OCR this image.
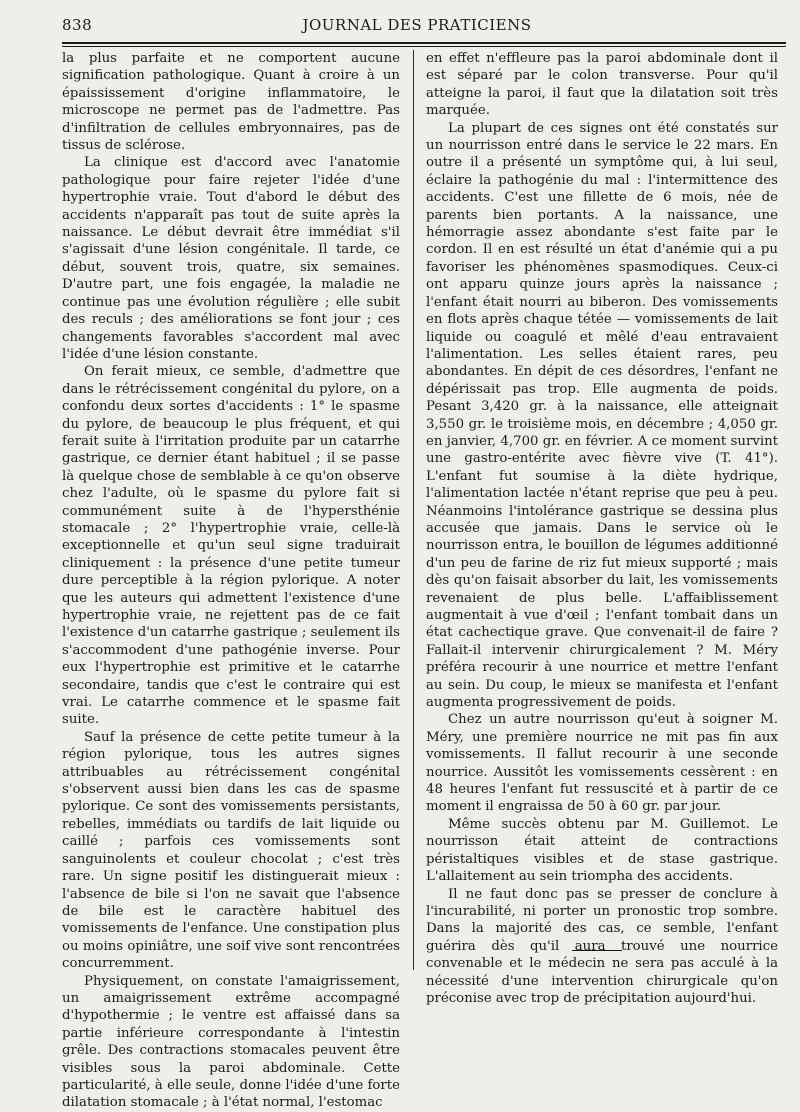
838	JOURNAL DES PRATICIENS

la plus parfaite et ne comportent aucune signification pathologique. Quant à croire à un épaississement d'origine inflammatoire, le microscope ne permet pas de l'admettre. Pas d'infiltration de cellules embryonnaires, pas de tissus de sclérose.

La clinique est d'accord avec l'anatomie pathologique pour faire rejeter l'idée d'une hypertrophie vraie. Tout d'abord le début des accidents n'apparaît pas tout de suite après la naissance. Le début devrait être immédiat s'il s'agissait d'une lésion congénitale. Il tarde, ce début, souvent trois, quatre, six semaines. D'autre part, une fois engagée, la maladie ne continue pas une évolution régulière ; elle subit des reculs ; des améliorations se font jour ; ces changements favorables s'accordent mal avec l'idée d'une lésion constante.

On ferait mieux, ce semble, d'admettre que dans le rétrécissement congénital du pylore, on a confondu deux sortes d'accidents : 1° le spasme du pylore, de beaucoup le plus fréquent, et qui ferait suite à l'irritation produite par un catarrhe gastrique, ce dernier étant habituel ; il se passe là quelque chose de semblable à ce qu'on observe chez l'adulte, où le spasme du pylore fait si communément suite à de l'hypersthénie stomacale ; 2° l'hypertrophie vraie, celle-là exceptionnelle et qu'un seul signe traduirait cliniquement : la présence d'une petite tumeur dure perceptible à la région pylorique. A noter que les auteurs qui admettent l'existence d'une hypertrophie vraie, ne rejettent pas de ce fait l'existence d'un catarrhe gastrique ; seulement ils s'accommodent d'une pathogénie inverse. Pour eux l'hypertrophie est primitive et le catarrhe secondaire, tandis que c'est le contraire qui est vrai. Le catarrhe commence et le spasme fait suite.

Sauf la présence de cette petite tumeur à la région pylorique, tous les autres signes attribuables au rétrécissement congénital s'observent aussi bien dans les cas de spasme pylorique. Ce sont des vomissements persistants, rebelles, immédiats ou tardifs de lait liquide ou caillé ; parfois ces vomissements sont sanguinolents et couleur chocolat ; c'est très rare. Un signe positif les distinguerait mieux : l'absence de bile si l'on ne savait que l'absence de bile est le caractère habituel des vomissements de l'enfance. Une constipation plus ou moins opiniâtre, une soif vive sont rencontrées concurremment.

Physiquement, on constate l'amaigrissement, un amaigrissement extrême accompagné d'hypothermie ; le ventre est affaissé dans sa partie inférieure correspondante à l'intestin grêle. Des contractions stomacales peuvent être visibles sous la paroi abdominale. Cette particularité, à elle seule, donne l'idée d'une forte dilatation stomacale ; à l'état normal, l'estomac

en effet n'effleure pas la paroi abdominale dont il est séparé par le colon transverse. Pour qu'il atteigne la paroi, il faut que la dilatation soit très marquée.

La plupart de ces signes ont été constatés sur un nourrisson entré dans le service le 22 mars. En outre il a présenté un symptôme qui, à lui seul, éclaire la pathogénie du mal : l'intermittence des accidents. C'est une fillette de 6 mois, née de parents bien portants. A la naissance, une hémorragie assez abondante s'est faite par le cordon. Il en est résulté un état d'anémie qui a pu favoriser les phénomènes spasmodiques. Ceux-ci ont apparu quinze jours après la naissance ; l'enfant était nourri au biberon. Des vomissements en flots après chaque tétée — vomissements de lait liquide ou coagulé et mêlé d'eau entravaient l'alimentation. Les selles étaient rares, peu abondantes. En dépit de ces désordres, l'enfant ne dépérissait pas trop. Elle augmenta de poids. Pesant 3,420 gr. à la naissance, elle atteignait 3,550 gr. le troisième mois, en décembre ; 4,050 gr. en janvier, 4,700 gr. en février. A ce moment survint une gastro-entérite avec fièvre vive (T. 41°). L'enfant fut soumise à la diète hydrique, l'alimentation lactée n'étant reprise que peu à peu. Néanmoins l'intolérance gastrique se dessina plus accusée que jamais. Dans le service où le nourrisson entra, le bouillon de légumes additionné d'un peu de farine de riz fut mieux supporté ; mais dès qu'on faisait absorber du lait, les vomissements revenaient de plus belle. L'affaiblissement augmentait à vue d'œil ; l'enfant tombait dans un état cachectique grave. Que convenait-il de faire ? Fallait-il intervenir chirurgicalement ? M. Méry préféra recourir à une nourrice et mettre l'enfant au sein. Du coup, le mieux se manifesta et l'enfant augmenta progressivement de poids.

Chez un autre nourrisson qu'eut à soigner M. Méry, une première nourrice ne mit pas fin aux vomissements. Il fallut recourir à une seconde nourrice. Aussitôt les vomissements cessèrent : en 48 heures l'enfant fut ressuscité et à partir de ce moment il engraissa de 50 à 60 gr. par jour.

Même succès obtenu par M. Guillemot. Le nourrisson était atteint de contractions péristaltiques visibles et de stase gastrique. L'allaitement au sein triompha des accidents.

Il ne faut donc pas se presser de conclure à l'incurabilité, ni porter un pronostic trop sombre. Dans la majorité des cas, ce semble, l'enfant guérira dès qu'il aura trouvé une nourrice convenable et le médecin ne sera pas acculé à la nécessité d'une intervention chirurgicale qu'on préconise avec trop de précipitation aujourd'hui.
